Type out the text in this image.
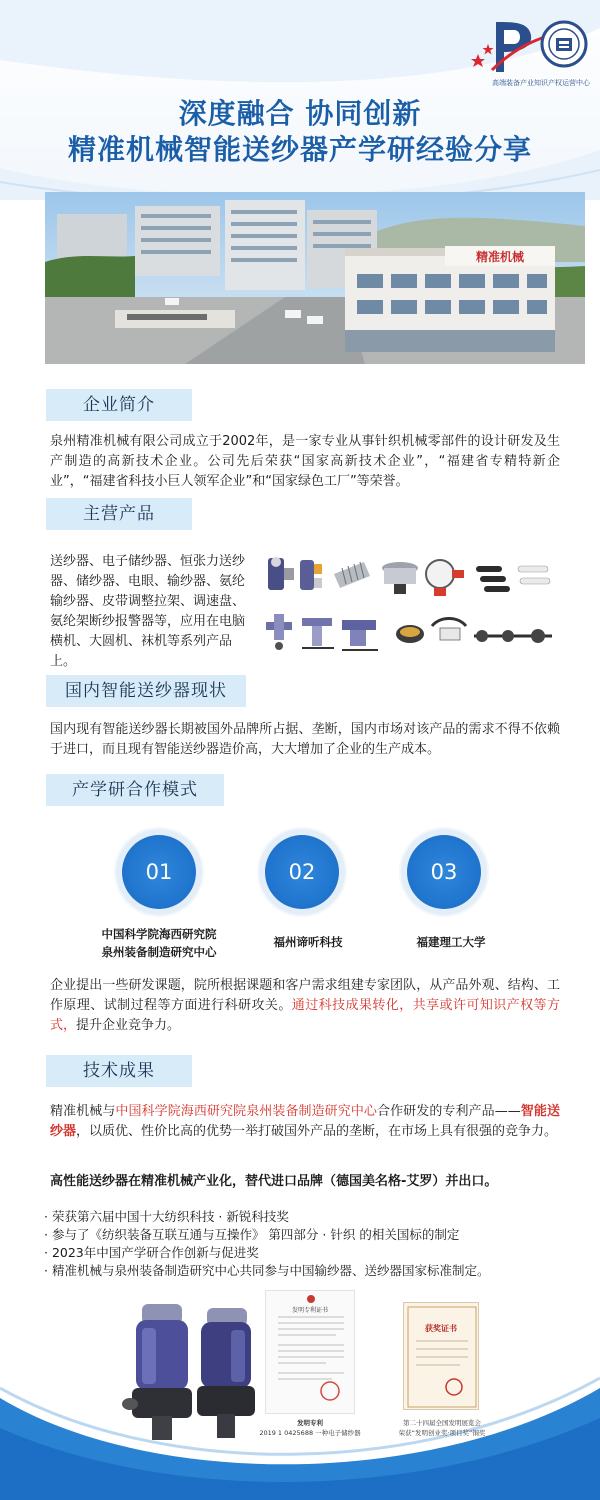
高端装备产业知识产权运营中心
深度融合 协同创新
精准机械智能送纱器产学研经验分享
精准机械
企业简介
泉州精准机械有限公司成立于2002年，是一家专业从事针织机械零部件的设计研发及生产制造的高新技术企业。公司先后荣获“国家高新技术企业”，“福建省专精特新企业”，“福建省科技小巨人领军企业”和“国家绿色工厂”等荣誉。
主营产品
送纱器、电子储纱器、恒张力送纱器、储纱器、电眼、输纱器、氨纶输纱器、皮带调整拉架、调速盘、氨纶架断纱报警器等，应用在电脑横机、大圆机、袜机等系列产品上。
国内智能送纱器现状
国内现有智能送纱器长期被国外品牌所占据、垄断，国内市场对该产品的需求不得不依赖于进口，而且现有智能送纱器造价高，大大增加了企业的生产成本。
产学研合作模式
01	02	03
中国科学院海西研究院
泉州装备制造研究中心
福州谛听科技	福建理工大学
企业提出一些研发课题，院所根据课题和客户需求组建专家团队，从产品外观、结构、工作原理、试制过程等方面进行科研攻关。通过科技成果转化，共享或许可知识产权等方式，提升企业竞争力。
技术成果
精准机械与中国科学院海西研究院泉州装备制造研究中心合作研发的专利产品——智能送纱器，以质优、性价比高的优势一举打破国外产品的垄断，在市场上具有很强的竞争力。
高性能送纱器在精准机械产业化，替代进口品牌（德国美名格-艾罗）并出口。
· 荣获第六届中国十大纺织科技 · 新锐科技奖
· 参与了《纺织装备互联互通与互操作》 第四部分 · 针织 的相关国标的制定
· 2023年中国产学研合作创新与促进奖
· 精准机械与泉州装备制造研究中心共同参与中国输纱器、送纱器国家标准制定。
发明专利证书
发明专利
2019 1 0425688 一种电子储纱器
获奖证书
第二十四届全国发明展览会
荣获“发明创业奖·项目奖”铜奖
